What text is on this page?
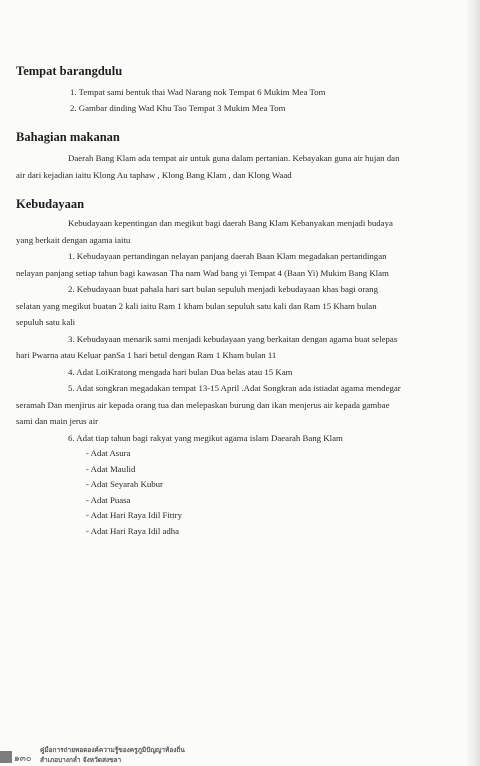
Tempat barangdulu

1. Tempat sami bentuk thai Wad Narang nok Tempat 6 Mukim Mea Tom

2. Gambar dinding Wad Khu Tao Tempat 3 Mukim Mea Tom

Bahagian makanan

Daerah Bang Klam ada tempat air untuk guna dalam pertanian. Kebayakan guna air hujan dan

air dari kejadian iaitu Klong Au taphaw , Klong Bang Klam , dan Klong Waad

Kebudayaan

Kebudayaan kepentingan dan megikut bagi daerah Bang Klam Kebanyakan menjadi budaya

yang berkait dengan agama iaitu

1. Kebudayaan pertandingan nelayan panjang daerah Baan Klam megadakan pertandingan

nelayan panjang setiap tahun bagi kawasan Tha nam Wad bang yi Tempat 4 (Baan Yi) Mukim Bang Klam

2. Kebudayaan buat pahala hari sart bulan sepuluh menjadi kebudayaan khas bagi orang

selatan yang megikut buatan 2 kali iaitu Ram 1 kham bulan sepuluh satu kali dan Ram 15 Kham bulan

sepuluh satu kali

3. Kebudayaan menarik sami menjadi kebudayaan yang berkaitan dengan agama buat selepas

hari Pwarna atau Keluar panSa 1 hari betul dengan Ram 1 Kham bulan 11

4. Adat LoiKratong mengada hari bulan Dua belas atau 15 Kam

5. Adat songkran megadakan tempat 13-15 April .Adat Songkran ada istiadat agama mendegar

seramah Dan menjirus air kepada orang tua dan melepaskan burung dan ikan menjerus air kepada gambae

sami dan main jerus air

6. Adat tiap tahun bagi rakyat yang megikut agama islam Daearah Bang Klam

- Adat Asura

- Adat Maulid

- Adat Seyarah Kubur

- Adat Puasa

- Adat Hari Raya Idil Fittry

- Adat Hari Raya Idil adha

๑๓๐
คู่มือการถ่ายทอดองค์ความรู้ของครูภูมิปัญญาท้องถิ่น
สำเภอบางกล่ำ จังหวัดสงขลา
